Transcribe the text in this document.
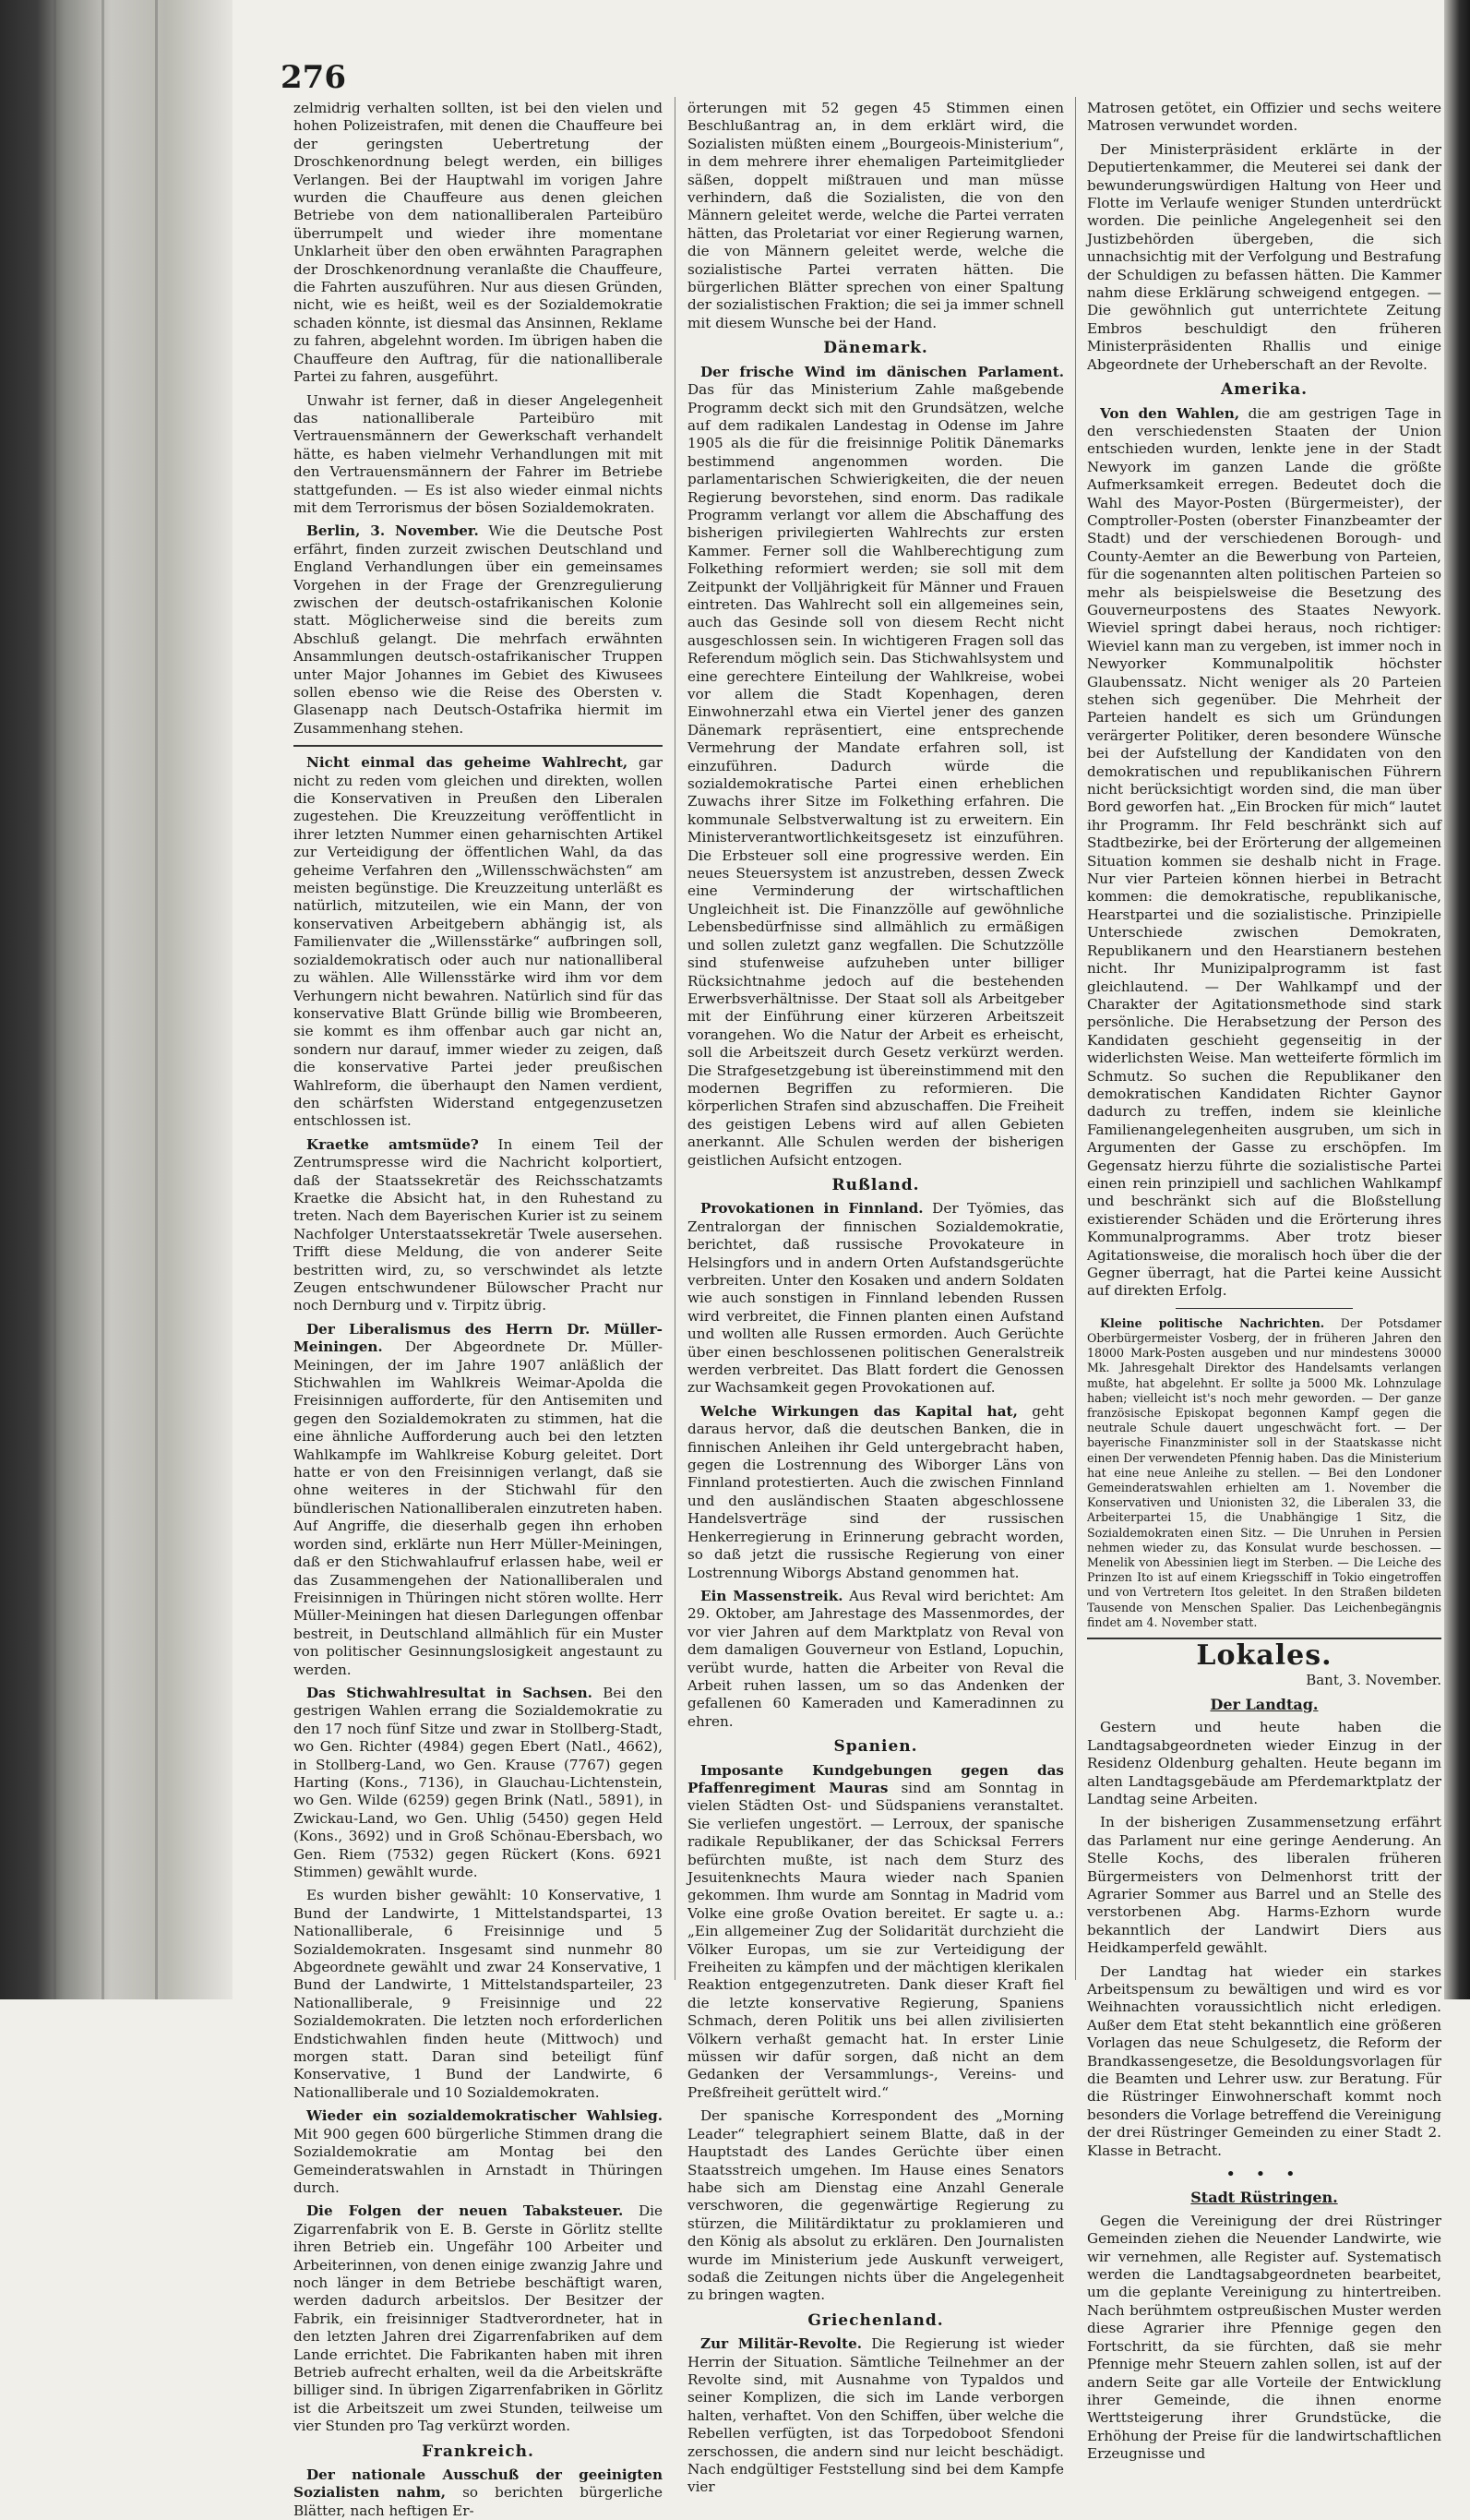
276

zelmidrig verhalten sollten, ist bei den vielen und hohen Polizeistrafen, mit denen die Chauffeure bei der geringsten Uebertretung der Droschkenordnung belegt werden, ein billiges Verlangen. Bei der Hauptwahl im vorigen Jahre wurden die Chauffeure aus denen gleichen Betriebe von dem nationalliberalen Parteibüro überrumpelt und wieder ihre momentane Unklarheit über den oben erwähnten Paragraphen der Droschkenordnung veranlaßte die Chauffeure, die Fahrten auszuführen. Nur aus diesen Gründen, nicht, wie es heißt, weil es der Sozialdemokratie schaden könnte, ist diesmal das Ansinnen, Reklame zu fahren, abgelehnt worden. Im übrigen haben die Chauffeure den Auftrag, für die nationalliberale Partei zu fahren, ausgeführt.

Unwahr ist ferner, daß in dieser Angelegenheit das nationalliberale Parteibüro mit Vertrauensmännern der Gewerkschaft verhandelt hätte, es haben vielmehr Verhandlungen mit mit den Vertrauensmännern der Fahrer im Betriebe stattgefunden. — Es ist also wieder einmal nichts mit dem Terrorismus der bösen Sozialdemokraten.

Berlin, 3. November. Wie die Deutsche Post erfährt, finden zurzeit zwischen Deutschland und England Verhandlungen über ein gemeinsames Vorgehen in der Frage der Grenzregulierung zwischen der deutsch-ostafrikanischen Kolonie statt. Möglicherweise sind die bereits zum Abschluß gelangt. Die mehrfach erwähnten Ansammlungen deutsch-ostafrikanischer Truppen unter Major Johannes im Gebiet des Kiwusees sollen ebenso wie die Reise des Obersten v. Glasenapp nach Deutsch-Ostafrika hiermit im Zusammenhang stehen.

Nicht einmal das geheime Wahlrecht, gar nicht zu reden vom gleichen und direkten, wollen die Konservativen in Preußen den Liberalen zugestehen. Die Kreuzzeitung veröffentlicht in ihrer letzten Nummer einen geharnischten Artikel zur Verteidigung der öffentlichen Wahl, da das geheime Verfahren den „Willensschwächsten“ am meisten begünstige. Die Kreuzzeitung unterläßt es natürlich, mitzuteilen, wie ein Mann, der von konservativen Arbeitgebern abhängig ist, als Familienvater die „Willensstärke“ aufbringen soll, sozialdemokratisch oder auch nur nationalliberal zu wählen. Alle Willensstärke wird ihm vor dem Verhungern nicht bewahren. Natürlich sind für das konservative Blatt Gründe billig wie Brombeeren, sie kommt es ihm offenbar auch gar nicht an, sondern nur darauf, immer wieder zu zeigen, daß die konservative Partei jeder preußischen Wahlreform, die überhaupt den Namen verdient, den schärfsten Widerstand entgegenzusetzen entschlossen ist.

Kraetke amtsmüde? In einem Teil der Zentrumspresse wird die Nachricht kolportiert, daß der Staatssekretär des Reichsschatzamts Kraetke die Absicht hat, in den Ruhestand zu treten. Nach dem Bayerischen Kurier ist zu seinem Nachfolger Unterstaatssekretär Twele ausersehen. Trifft diese Meldung, die von anderer Seite bestritten wird, zu, so verschwindet als letzte Zeugen entschwundener Bülowscher Pracht nur noch Dernburg und v. Tirpitz übrig.

Der Liberalismus des Herrn Dr. Müller-Meiningen. Der Abgeordnete Dr. Müller-Meiningen, der im Jahre 1907 anläßlich der Stichwahlen im Wahlkreis Weimar-Apolda die Freisinnigen aufforderte, für den Antisemiten und gegen den Sozialdemokraten zu stimmen, hat die eine ähnliche Aufforderung auch bei den letzten Wahlkampfe im Wahlkreise Koburg geleitet. Dort hatte er von den Freisinnigen verlangt, daß sie ohne weiteres in der Stichwahl für den bündlerischen Nationalliberalen einzutreten haben. Auf Angriffe, die dieserhalb gegen ihn erhoben worden sind, erklärte nun Herr Müller-Meiningen, daß er den Stichwahlaufruf erlassen habe, weil er das Zusammengehen der Nationalliberalen und Freisinnigen in Thüringen nicht stören wollte. Herr Müller-Meiningen hat diesen Darlegungen offenbar bestreit, in Deutschland allmählich für ein Muster von politischer Gesinnungslosigkeit angestaunt zu werden.

Das Stichwahlresultat in Sachsen. Bei den gestrigen Wahlen errang die Sozialdemokratie zu den 17 noch fünf Sitze und zwar in Stollberg-Stadt, wo Gen. Richter (4984) gegen Ebert (Natl., 4662), in Stollberg-Land, wo Gen. Krause (7767) gegen Harting (Kons., 7136), in Glauchau-Lichtenstein, wo Gen. Wilde (6259) gegen Brink (Natl., 5891), in Zwickau-Land, wo Gen. Uhlig (5450) gegen Held (Kons., 3692) und in Groß Schönau-Ebersbach, wo Gen. Riem (7532) gegen Rückert (Kons. 6921 Stimmen) gewählt wurde.

Es wurden bisher gewählt: 10 Konservative, 1 Bund der Landwirte, 1 Mittelstandspartei, 13 Nationalliberale, 6 Freisinnige und 5 Sozialdemokraten. Insgesamt sind nunmehr 80 Abgeordnete gewählt und zwar 24 Konservative, 1 Bund der Landwirte, 1 Mittelstandsparteiler, 23 Nationalliberale, 9 Freisinnige und 22 Sozialdemokraten. Die letzten noch erforderlichen Endstichwahlen finden heute (Mittwoch) und morgen statt. Daran sind beteiligt fünf Konservative, 1 Bund der Landwirte, 6 Nationalliberale und 10 Sozialdemokraten.

Wieder ein sozialdemokratischer Wahlsieg. Mit 900 gegen 600 bürgerliche Stimmen drang die Sozialdemokratie am Montag bei den Gemeinderatswahlen in Arnstadt in Thüringen durch.

Die Folgen der neuen Tabaksteuer. Die Zigarrenfabrik von E. B. Gerste in Görlitz stellte ihren Betrieb ein. Ungefähr 100 Arbeiter und Arbeiterinnen, von denen einige zwanzig Jahre und noch länger in dem Betriebe beschäftigt waren, werden dadurch arbeitslos. Der Besitzer der Fabrik, ein freisinniger Stadtverordneter, hat in den letzten Jahren drei Zigarrenfabriken auf dem Lande errichtet. Die Fabrikanten haben mit ihren Betrieb aufrecht erhalten, weil da die Arbeitskräfte billiger sind. In übrigen Zigarrenfabriken in Görlitz ist die Arbeitszeit um zwei Stunden, teilweise um vier Stunden pro Tag verkürzt worden.

Frankreich.

Der nationale Ausschuß der geeinigten Sozialisten nahm, so berichten bürgerliche Blätter, nach heftigen Er-

örterungen mit 52 gegen 45 Stimmen einen Beschlußantrag an, in dem erklärt wird, die Sozialisten müßten einem „Bourgeois-Ministerium“, in dem mehrere ihrer ehemaligen Parteimitglieder säßen, doppelt mißtrauen und man müsse verhindern, daß die Sozialisten, die von den Männern geleitet werde, welche die Partei verraten hätten, das Proletariat vor einer Regierung warnen, die von Männern geleitet werde, welche die sozialistische Partei verraten hätten. Die bürgerlichen Blätter sprechen von einer Spaltung der sozialistischen Fraktion; die sei ja immer schnell mit diesem Wunsche bei der Hand.

Dänemark.

Der frische Wind im dänischen Parlament. Das für das Ministerium Zahle maßgebende Programm deckt sich mit den Grundsätzen, welche auf dem radikalen Landestag in Odense im Jahre 1905 als die für die freisinnige Politik Dänemarks bestimmend angenommen worden. Die parlamentarischen Schwierigkeiten, die der neuen Regierung bevorstehen, sind enorm. Das radikale Programm verlangt vor allem die Abschaffung des bisherigen privilegierten Wahlrechts zur ersten Kammer. Ferner soll die Wahlberechtigung zum Folkething reformiert werden; sie soll mit dem Zeitpunkt der Volljährigkeit für Männer und Frauen eintreten. Das Wahlrecht soll ein allgemeines sein, auch das Gesinde soll von diesem Recht nicht ausgeschlossen sein. In wichtigeren Fragen soll das Referendum möglich sein. Das Stichwahlsystem und eine gerechtere Einteilung der Wahlkreise, wobei vor allem die Stadt Kopenhagen, deren Einwohnerzahl etwa ein Viertel jener des ganzen Dänemark repräsentiert, eine entsprechende Vermehrung der Mandate erfahren soll, ist einzuführen. Dadurch würde die sozialdemokratische Partei einen erheblichen Zuwachs ihrer Sitze im Folkething erfahren. Die kommunale Selbstverwaltung ist zu erweitern. Ein Ministerverantwortlichkeitsgesetz ist einzuführen. Die Erbsteuer soll eine progressive werden. Ein neues Steuersystem ist anzustreben, dessen Zweck eine Verminderung der wirtschaftlichen Ungleichheit ist. Die Finanzzölle auf gewöhnliche Lebensbedürfnisse sind allmählich zu ermäßigen und sollen zuletzt ganz wegfallen. Die Schutzzölle sind stufenweise aufzuheben unter billiger Rücksichtnahme jedoch auf die bestehenden Erwerbsverhältnisse. Der Staat soll als Arbeitgeber mit der Einführung einer kürzeren Arbeitszeit vorangehen. Wo die Natur der Arbeit es erheischt, soll die Arbeitszeit durch Gesetz verkürzt werden. Die Strafgesetzgebung ist übereinstimmend mit den modernen Begriffen zu reformieren. Die körperlichen Strafen sind abzuschaffen. Die Freiheit des geistigen Lebens wird auf allen Gebieten anerkannt. Alle Schulen werden der bisherigen geistlichen Aufsicht entzogen.

Rußland.

Provokationen in Finnland. Der Työmies, das Zentralorgan der finnischen Sozialdemokratie, berichtet, daß russische Provokateure in Helsingfors und in andern Orten Aufstandsgerüchte verbreiten. Unter den Kosaken und andern Soldaten wie auch sonstigen in Finnland lebenden Russen wird verbreitet, die Finnen planten einen Aufstand und wollten alle Russen ermorden. Auch Gerüchte über einen beschlossenen politischen Generalstreik werden verbreitet. Das Blatt fordert die Genossen zur Wachsamkeit gegen Provokationen auf.

Welche Wirkungen das Kapital hat, geht daraus hervor, daß die deutschen Banken, die in finnischen Anleihen ihr Geld untergebracht haben, gegen die Lostrennung des Wiborger Läns von Finnland protestierten. Auch die zwischen Finnland und den ausländischen Staaten abgeschlossene Handelsverträge sind der russischen Henkerregierung in Erinnerung gebracht worden, so daß jetzt die russische Regierung von einer Lostrennung Wiborgs Abstand genommen hat.

Ein Massenstreik. Aus Reval wird berichtet: Am 29. Oktober, am Jahrestage des Massenmordes, der vor vier Jahren auf dem Marktplatz von Reval von dem damaligen Gouverneur von Estland, Lopuchin, verübt wurde, hatten die Arbeiter von Reval die Arbeit ruhen lassen, um so das Andenken der gefallenen 60 Kameraden und Kameradinnen zu ehren.

Spanien.

Imposante Kundgebungen gegen das Pfaffenregiment Mauras sind am Sonntag in vielen Städten Ost- und Südspaniens veranstaltet. Sie verliefen ungestört. — Lerroux, der spanische radikale Republikaner, der das Schicksal Ferrers befürchten mußte, ist nach dem Sturz des Jesuitenknechts Maura wieder nach Spanien gekommen. Ihm wurde am Sonntag in Madrid vom Volke eine große Ovation bereitet. Er sagte u. a.: „Ein allgemeiner Zug der Solidarität durchzieht die Völker Europas, um sie zur Verteidigung der Freiheiten zu kämpfen und der mächtigen klerikalen Reaktion entgegenzutreten. Dank dieser Kraft fiel die letzte konservative Regierung, Spaniens Schmach, deren Politik uns bei allen zivilisierten Völkern verhaßt gemacht hat. In erster Linie müssen wir dafür sorgen, daß nicht an dem Gedanken der Versammlungs-, Vereins- und Preßfreiheit gerüttelt wird.“

Der spanische Korrespondent des „Morning Leader“ telegraphiert seinem Blatte, daß in der Hauptstadt des Landes Gerüchte über einen Staatsstreich umgehen. Im Hause eines Senators habe sich am Dienstag eine Anzahl Generale verschworen, die gegenwärtige Regierung zu stürzen, die Militärdiktatur zu proklamieren und den König als absolut zu erklären. Den Journalisten wurde im Ministerium jede Auskunft verweigert, sodaß die Zeitungen nichts über die Angelegenheit zu bringen wagten.

Griechenland.

Zur Militär-Revolte. Die Regierung ist wieder Herrin der Situation. Sämtliche Teilnehmer an der Revolte sind, mit Ausnahme von Typaldos und seiner Komplizen, die sich im Lande verborgen halten, verhaftet. Von den Schiffen, über welche die Rebellen verfügten, ist das Torpedoboot Sfendoni zerschossen, die andern sind nur leicht beschädigt. Nach endgültiger Feststellung sind bei dem Kampfe vier

Matrosen getötet, ein Offizier und sechs weitere Matrosen verwundet worden.

Der Ministerpräsident erklärte in der Deputiertenkammer, die Meuterei sei dank der bewunderungswürdigen Haltung von Heer und Flotte im Verlaufe weniger Stunden unterdrückt worden. Die peinliche Angelegenheit sei den Justizbehörden übergeben, die sich unnachsichtig mit der Verfolgung und Bestrafung der Schuldigen zu befassen hätten. Die Kammer nahm diese Erklärung schweigend entgegen. — Die gewöhnlich gut unterrichtete Zeitung Embros beschuldigt den früheren Ministerpräsidenten Rhallis und einige Abgeordnete der Urheberschaft an der Revolte.

Amerika.

Von den Wahlen, die am gestrigen Tage in den verschiedensten Staaten der Union entschieden wurden, lenkte jene in der Stadt Newyork im ganzen Lande die größte Aufmerksamkeit erregen. Bedeutet doch die Wahl des Mayor-Posten (Bürgermeister), der Comptroller-Posten (oberster Finanzbeamter der Stadt) und der verschiedenen Borough- und County-Aemter an die Bewerbung von Parteien, für die sogenannten alten politischen Parteien so mehr als beispielsweise die Besetzung des Gouverneurpostens des Staates Newyork. Wieviel springt dabei heraus, noch richtiger: Wieviel kann man zu vergeben, ist immer noch in Newyorker Kommunalpolitik höchster Glaubenssatz. Nicht weniger als 20 Parteien stehen sich gegenüber. Die Mehrheit der Parteien handelt es sich um Gründungen verärgerter Politiker, deren besondere Wünsche bei der Aufstellung der Kandidaten von den demokratischen und republikanischen Führern nicht berücksichtigt worden sind, die man über Bord geworfen hat. „Ein Brocken für mich“ lautet ihr Programm. Ihr Feld beschränkt sich auf Stadtbezirke, bei der Erörterung der allgemeinen Situation kommen sie deshalb nicht in Frage. Nur vier Parteien können hierbei in Betracht kommen: die demokratische, republikanische, Hearstpartei und die sozialistische. Prinzipielle Unterschiede zwischen Demokraten, Republikanern und den Hearstianern bestehen nicht. Ihr Munizipalprogramm ist fast gleichlautend. — Der Wahlkampf und der Charakter der Agitationsmethode sind stark persönliche. Die Herabsetzung der Person des Kandidaten geschieht gegenseitig in der widerlichsten Weise. Man wetteiferte förmlich im Schmutz. So suchen die Republikaner den demokratischen Kandidaten Richter Gaynor dadurch zu treffen, indem sie kleinliche Familienangelegenheiten ausgruben, um sich in Argumenten der Gasse zu erschöpfen. Im Gegensatz hierzu führte die sozialistische Partei einen rein prinzipiell und sachlichen Wahlkampf und beschränkt sich auf die Bloßstellung existierender Schäden und die Erörterung ihres Kommunalprogramms. Aber trotz bieser Agitationsweise, die moralisch hoch über die der Gegner überragt, hat die Partei keine Aussicht auf direkten Erfolg.

Kleine politische Nachrichten. Der Potsdamer Oberbürgermeister Vosberg, der in früheren Jahren den 18000 Mark-Posten ausgeben und nur mindestens 30000 Mk. Jahresgehalt Direktor des Handelsamts verlangen mußte, hat abgelehnt. Er sollte ja 5000 Mk. Lohnzulage haben; vielleicht ist's noch mehr geworden. — Der ganze französische Episkopat begonnen Kampf gegen die neutrale Schule dauert ungeschwächt fort. — Der bayerische Finanzminister soll in der Staatskasse nicht einen Der verwendeten Pfennig haben. Das die Ministerium hat eine neue Anleihe zu stellen. — Bei den Londoner Gemeinderatswahlen erhielten am 1. November die Konservativen und Unionisten 32, die Liberalen 33, die Arbeiterpartei 15, die Unabhängige 1 Sitz, die Sozialdemokraten einen Sitz. — Die Unruhen in Persien nehmen wieder zu, das Konsulat wurde beschossen. — Menelik von Abessinien liegt im Sterben. — Die Leiche des Prinzen Ito ist auf einem Kriegsschiff in Tokio eingetroffen und von Vertretern Itos geleitet. In den Straßen bildeten Tausende von Menschen Spalier. Das Leichenbegängnis findet am 4. November statt.

Lokales.
Bant, 3. November.
Der Landtag.

Gestern und heute haben die Landtagsabgeordneten wieder Einzug in der Residenz Oldenburg gehalten. Heute begann im alten Landtagsgebäude am Pferdemarktplatz der Landtag seine Arbeiten.

In der bisherigen Zusammensetzung erfährt das Parlament nur eine geringe Aenderung. An Stelle Kochs, des liberalen früheren Bürgermeisters von Delmenhorst tritt der Agrarier Sommer aus Barrel und an Stelle des verstorbenen Abg. Harms-Ezhorn wurde bekanntlich der Landwirt Diers aus Heidkamperfeld gewählt.

Der Landtag hat wieder ein starkes Arbeitspensum zu bewältigen und wird es vor Weihnachten voraussichtlich nicht erledigen. Außer dem Etat steht bekanntlich eine größeren Vorlagen das neue Schulgesetz, die Reform der Brandkassengesetze, die Besoldungsvorlagen für die Beamten und Lehrer usw. zur Beratung. Für die Rüstringer Einwohnerschaft kommt noch besonders die Vorlage betreffend die Vereinigung der drei Rüstringer Gemeinden zu einer Stadt 2. Klasse in Betracht.

• • •
Stadt Rüstringen.

Gegen die Vereinigung der drei Rüstringer Gemeinden ziehen die Neuender Landwirte, wie wir vernehmen, alle Register auf. Systematisch werden die Landtagsabgeordneten bearbeitet, um die geplante Vereinigung zu hintertreiben. Nach berühmtem ostpreußischen Muster werden diese Agrarier ihre Pfennige gegen den Fortschritt, da sie fürchten, daß sie mehr Pfennige mehr Steuern zahlen sollen, ist auf der andern Seite gar alle Vorteile der Entwicklung ihrer Gemeinde, die ihnen enorme Werttsteigerung ihrer Grundstücke, die Erhöhung der Preise für die landwirtschaftlichen Erzeugnisse und
